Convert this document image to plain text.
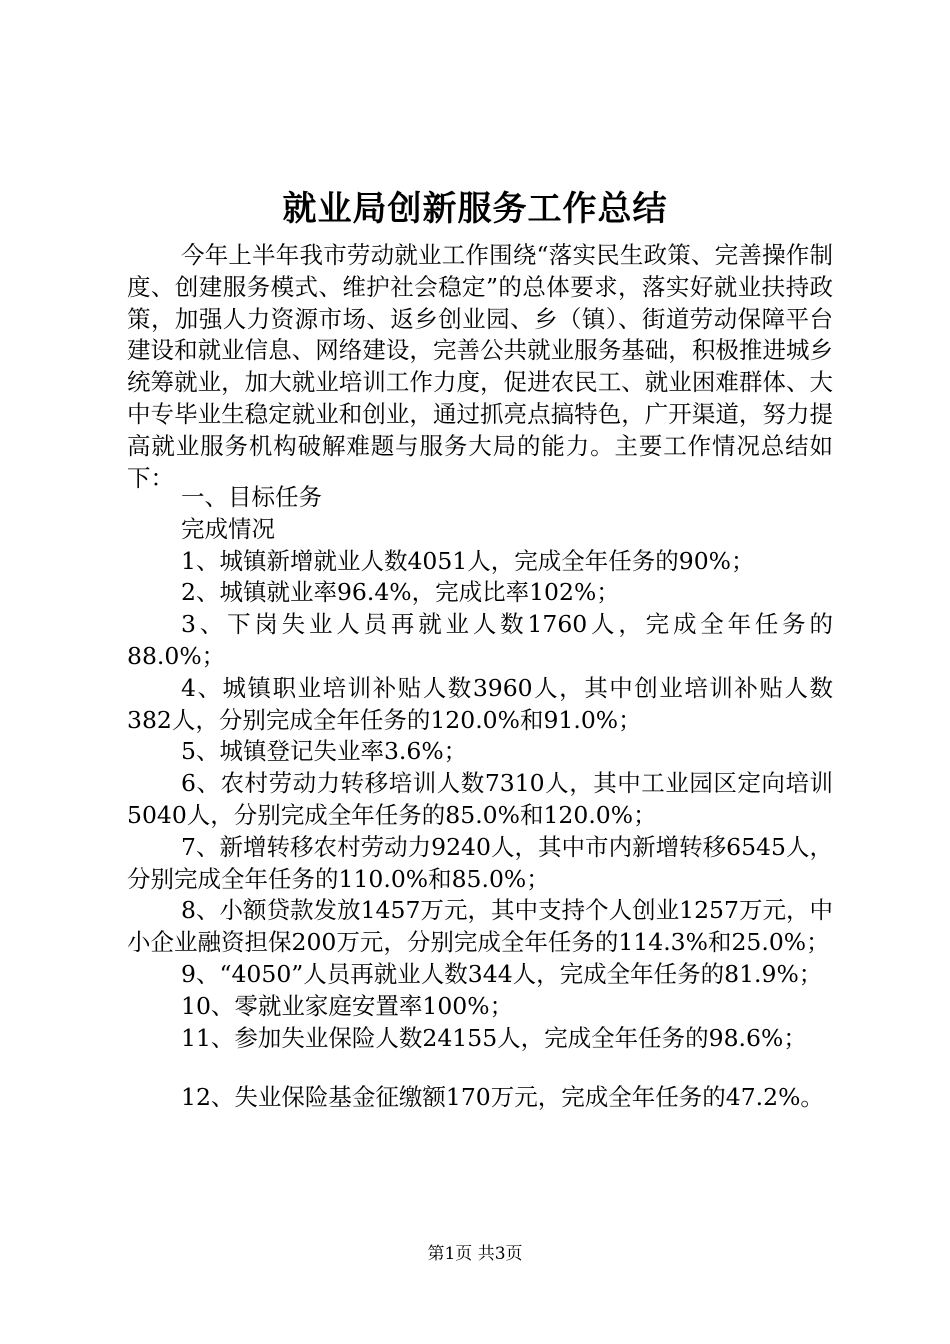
就业局创新服务工作总结

今年上半年我市劳动就业工作围绕“落实民生政策、完善操作制度、创建服务模式、维护社会稳定”的总体要求，落实好就业扶持政策，加强人力资源市场、返乡创业园、乡（镇）、街道劳动保障平台建设和就业信息、网络建设，完善公共就业服务基础，积极推进城乡统筹就业，加大就业培训工作力度，促进农民工、就业困难群体、大中专毕业生稳定就业和创业，通过抓亮点搞特色，广开渠道，努力提高就业服务机构破解难题与服务大局的能力。主要工作情况总结如下：

一、目标任务

完成情况

1、城镇新增就业人数4051人，完成全年任务的90%；

2、城镇就业率96.4%，完成比率102%；

3、下岗失业人员再就业人数1760人，完成全年任务的88.0%；

4、城镇职业培训补贴人数3960人，其中创业培训补贴人数382人，分别完成全年任务的120.0%和91.0%；

5、城镇登记失业率3.6%；

6、农村劳动力转移培训人数7310人，其中工业园区定向培训5040人，分别完成全年任务的85.0%和120.0%；

7、新增转移农村劳动力9240人，其中市内新增转移6545人，分别完成全年任务的110.0%和85.0%；

8、小额贷款发放1457万元，其中支持个人创业1257万元，中小企业融资担保200万元，分别完成全年任务的114.3%和25.0%；

9、“4050”人员再就业人数344人，完成全年任务的81.9%；

10、零就业家庭安置率100%；

11、参加失业保险人数24155人，完成全年任务的98.6%；

12、失业保险基金征缴额170万元，完成全年任务的47.2%。

第1页 共3页
